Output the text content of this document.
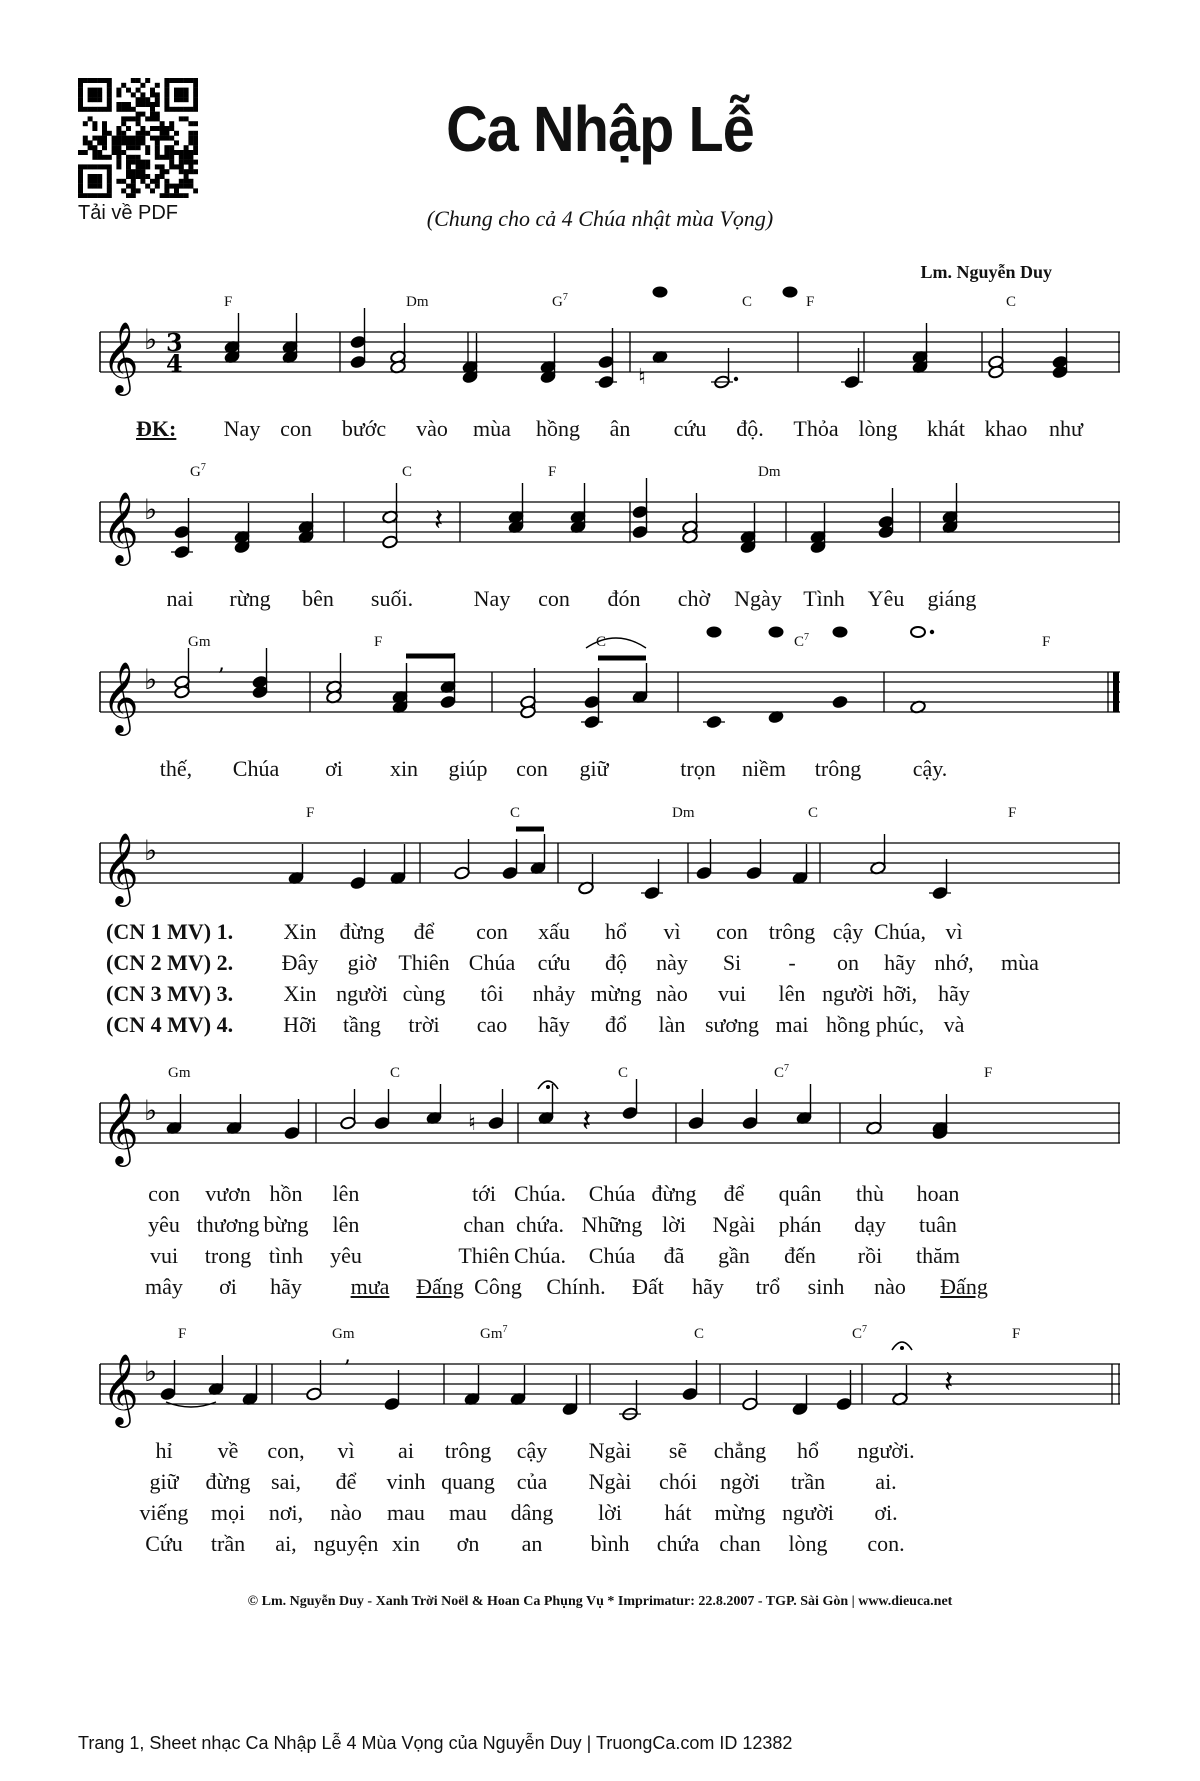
Tải về PDF
Ca Nhập Lễ
(Chung cho cả 4 Chúa nhật mùa Vọng)
Lm. Nguyễn Duy
𝄞 ♭ 3
4	♮
F	Dm	$G^7$	C	F	C
ĐK: Nay con bước vào mùa hồng ân cứu độ. Thỏa lòng khát khao như
𝄞 ♭	𝄽
$G^7$	C	F	Dm
nai rừng bên suối.	Nay con đón chờ Ngày Tình Yêu giáng
𝄞 ♭	,
Gm	F	C	$C^7$	F
thế, Chúa ơi xin giúp con giữ	trọn niềm trông cậy.
𝄞 ♭
F	C	Dm	C	F
(CN 1 MV) 1. Xin đừng để con xấu hổ vì con trông cậy Chúa, vì
(CN 2 MV) 2. Đây giờ Thiên Chúa cứu độ này Si - on hãy nhớ, mùa
(CN 3 MV) 3. Xin người cùng tôi nhảy mừng nào vui lên người hỡi, hãy
(CN 4 MV) 4. Hỡi tầng trời cao hãy đổ làn sương mai hồng phúc, và
𝄞 ♭	♮	𝄽
Gm	C	C	$C^7$	F
con vươn hồn lên	tới Chúa. Chúa đừng để quân thù hoan
yêu thương bừng lên	chan chứa. Những lời Ngài phán dạy tuân
vui trong tình yêu	Thiên Chúa. Chúa đã gần đến rồi thăm
mây ơi hãy mưa Đấng Công Chính. Đất hãy trổ sinh nào Đấng
𝄞 ♭	,
𝄽
F	Gm	Gm$^7$	C	$C^7$	F
hỉ về con, vì ai trông cậy Ngài sẽ chẳng hổ người.
giữ đừng sai, để vinh quang của Ngài chói ngời trần ai.
viếng mọi nơi, nào mau mau dâng lời hát mừng người ơi.
Cứu trần ai, nguyện xin ơn an bình chứa chan lòng con.
© Lm. Nguyễn Duy - Xanh Trời Noël & Hoan Ca Phụng Vụ * Imprimatur: 22.8.2007 - TGP. Sài Gòn | www.dieuca.net
Trang 1, Sheet nhạc Ca Nhập Lễ 4 Mùa Vọng của Nguyễn Duy | TruongCa.com ID 12382
